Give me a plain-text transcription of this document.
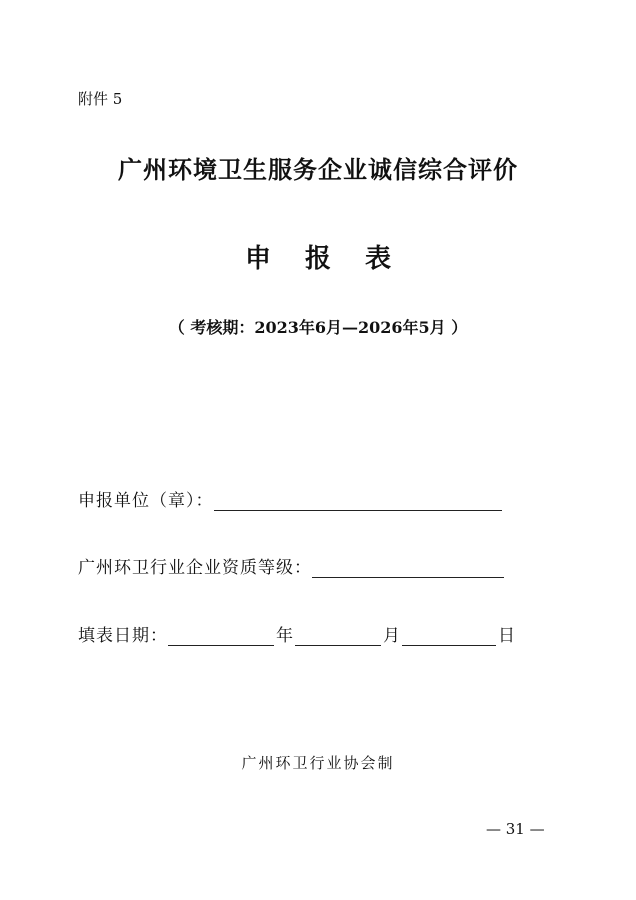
附件 5
广州环境卫生服务企业诚信综合评价
申报表
（ 考核期：2023年6月—2026年5月 ）
申报单位（章）：
广州环卫行业企业资质等级：
填表日期：	年	月	日
广州环卫行业协会制
— 31 —
